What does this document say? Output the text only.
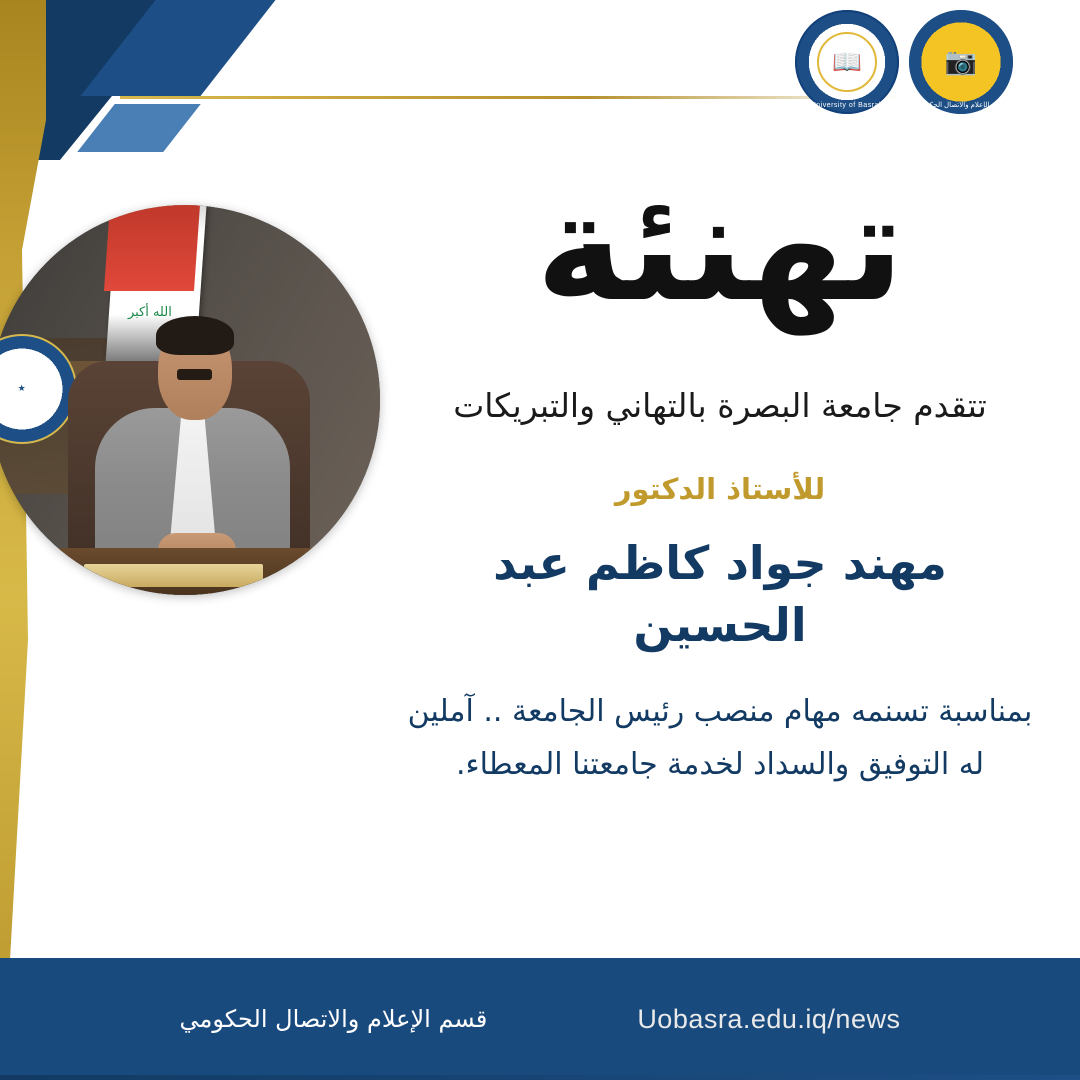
📷
قسم الإعلام والاتصال الحكومي
📖
University of Basrah
الله أكبر
★
تهنئة
تتقدم جامعة البصرة بالتهاني والتبريكات
للأستاذ الدكتور
مهند جواد كاظم عبد الحسين
بمناسبة تسنمه مهام منصب رئيس الجامعة .. آملين له التوفيق والسداد لخدمة جامعتنا المعطاء.
Uobasra.edu.iq/news
قسم الإعلام والاتصال الحكومي
